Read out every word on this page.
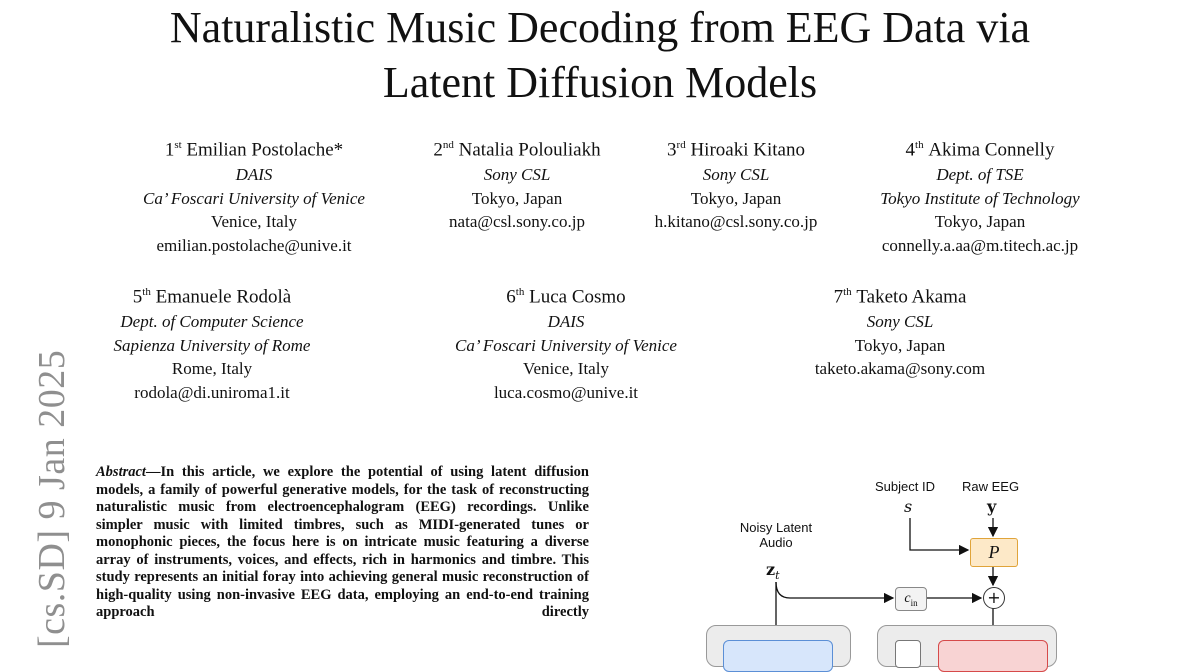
Naturalistic Music Decoding from EEG Data via
Latent Diffusion Models
1st Emilian Postolache*
DAIS
Ca’ Foscari University of Venice
Venice, Italy
emilian.postolache@unive.it
2nd Natalia Polouliakh
Sony CSL
Tokyo, Japan
nata@csl.sony.co.jp
3rd Hiroaki Kitano
Sony CSL
Tokyo, Japan
h.kitano@csl.sony.co.jp
4th Akima Connelly
Dept. of TSE
Tokyo Institute of Technology
Tokyo, Japan
connelly.a.aa@m.titech.ac.jp
5th Emanuele Rodolà
Dept. of Computer Science
Sapienza University of Rome
Rome, Italy
rodola@di.uniroma1.it
6th Luca Cosmo
DAIS
Ca’ Foscari University of Venice
Venice, Italy
luca.cosmo@unive.it
7th Taketo Akama
Sony CSL
Tokyo, Japan
taketo.akama@sony.com
[cs.SD] 9 Jan 2025 Abstract—In this article, we explore the potential of using latent diffusion models, a family of powerful generative models, for the task of reconstructing naturalistic music from electroencephalogram (EEG) recordings. Unlike simpler music with limited timbres, such as MIDI-generated tunes or monophonic pieces, the focus here is on intricate music featuring a diverse array of instruments, voices, and effects, rich in harmonics and timbre. This study represents an initial foray into achieving general music reconstruction of high-quality using non-invasive EEG data, employing an end-to-end training approach directly
Subject ID
s
Raw EEG
y
Noisy Latent
Audio
$z_t$
P
$c_{in}$	+
